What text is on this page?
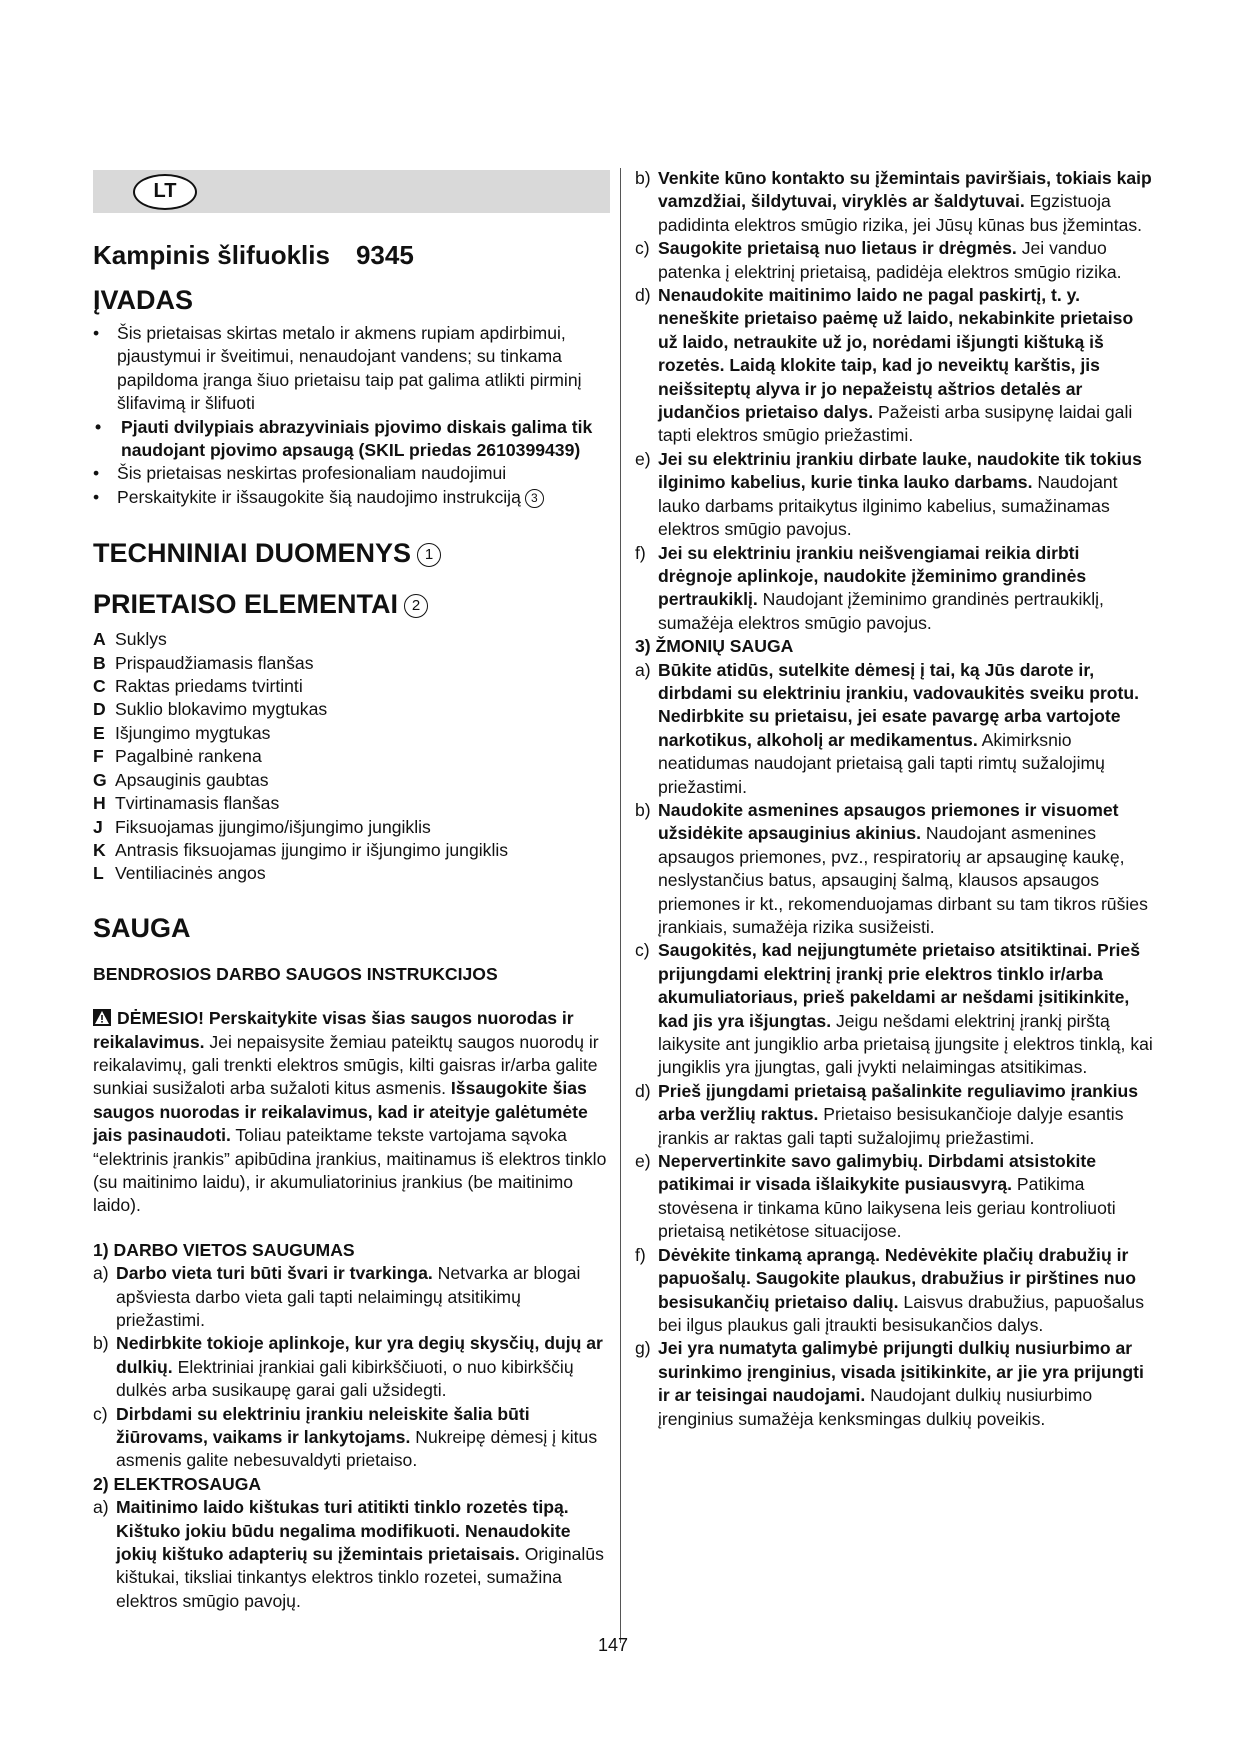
LT
Kampinis šlifuoklis 9345
ĮVADAS
•	Šis prietaisas skirtas metalo ir akmens rupiam apdirbimui, pjaustymui ir šveitimui, nenaudojant vandens; su tinkama papildoma įranga šiuo prietaisu taip pat galima atlikti pirminį šlifavimą ir šlifuoti
•	Pjauti dvilypiais abrazyviniais pjovimo diskais galima tik naudojant pjovimo apsaugą (SKIL priedas 2610399439)
•	Šis prietaisas neskirtas profesionaliam naudojimui
•	Perskaitykite ir išsaugokite šią naudojimo instrukciją 3
TECHNINIAI DUOMENYS 1
PRIETAISO ELEMENTAI 2
A Suklys
B Prispaudžiamasis flanšas
C Raktas priedams tvirtinti
D Suklio blokavimo mygtukas
E Išjungimo mygtukas
F Pagalbinė rankena
G Apsauginis gaubtas
H Tvirtinamasis flanšas
J Fiksuojamas įjungimo/išjungimo jungiklis
K Antrasis fiksuojamas įjungimo ir išjungimo jungiklis
L Ventiliacinės angos
SAUGA
BENDROSIOS DARBO SAUGOS INSTRUKCIJOS
DĖMESIO! Perskaitykite visas šias saugos nuorodas ir reikalavimus. Jei nepaisysite žemiau pateiktų saugos nuorodų ir reikalavimų, gali trenkti elektros smūgis, kilti gaisras ir/arba galite sunkiai susižaloti arba sužaloti kitus asmenis. Išsaugokite šias saugos nuorodas ir reikalavimus, kad ir ateityje galėtumėte jais pasinaudoti. Toliau pateiktame tekste vartojama sąvoka “elektrinis įrankis” apibūdina įrankius, maitinamus iš elektros tinklo (su maitinimo laidu), ir akumuliatorinius įrankius (be maitinimo laido).
1) DARBO VIETOS SAUGUMAS
a) Darbo vieta turi būti švari ir tvarkinga. Netvarka ar blogai apšviesta darbo vieta gali tapti nelaimingų atsitikimų priežastimi.
b) Nedirbkite tokioje aplinkoje, kur yra degių skysčių, dujų ar dulkių. Elektriniai įrankiai gali kibirkščiuoti, o nuo kibirkščių dulkės arba susikaupę garai gali užsidegti.
c) Dirbdami su elektriniu įrankiu neleiskite šalia būti žiūrovams, vaikams ir lankytojams. Nukreipę dėmesį į kitus asmenis galite nebesuvaldyti prietaiso.
2) ELEKTROSAUGA
a) Maitinimo laido kištukas turi atitikti tinklo rozetės tipą. Kištuko jokiu būdu negalima modifikuoti. Nenaudokite jokių kištuko adapterių su įžemintais prietaisais. Originalūs kištukai, tiksliai tinkantys elektros tinklo rozetei, sumažina elektros smūgio pavojų.
b) Venkite kūno kontakto su įžemintais paviršiais, tokiais kaip vamzdžiai, šildytuvai, viryklės ar šaldytuvai. Egzistuoja padidinta elektros smūgio rizika, jei Jūsų kūnas bus įžemintas.
c) Saugokite prietaisą nuo lietaus ir drėgmės. Jei vanduo patenka į elektrinį prietaisą, padidėja elektros smūgio rizika.
d) Nenaudokite maitinimo laido ne pagal paskirtį, t. y. neneškite prietaiso paėmę už laido, nekabinkite prietaiso už laido, netraukite už jo, norėdami išjungti kištuką iš rozetės. Laidą klokite taip, kad jo neveiktų karštis, jis neišsiteptų alyva ir jo nepažeistų aštrios detalės ar judančios prietaiso dalys. Pažeisti arba susipynę laidai gali tapti elektros smūgio priežastimi.
e) Jei su elektriniu įrankiu dirbate lauke, naudokite tik tokius ilginimo kabelius, kurie tinka lauko darbams. Naudojant lauko darbams pritaikytus ilginimo kabelius, sumažinamas elektros smūgio pavojus.
f) Jei su elektriniu įrankiu neišvengiamai reikia dirbti drėgnoje aplinkoje, naudokite įžeminimo grandinės pertraukiklį. Naudojant įžeminimo grandinės pertraukiklį, sumažėja elektros smūgio pavojus.
3) ŽMONIŲ SAUGA
a) Būkite atidūs, sutelkite dėmesį į tai, ką Jūs darote ir, dirbdami su elektriniu įrankiu, vadovaukitės sveiku protu. Nedirbkite su prietaisu, jei esate pavargę arba vartojote narkotikus, alkoholį ar medikamentus. Akimirksnio neatidumas naudojant prietaisą gali tapti rimtų sužalojimų priežastimi.
b) Naudokite asmenines apsaugos priemones ir visuomet užsidėkite apsauginius akinius. Naudojant asmenines apsaugos priemones, pvz., respiratorių ar apsauginę kaukę, neslystančius batus, apsauginį šalmą, klausos apsaugos priemones ir kt., rekomenduojamas dirbant su tam tikros rūšies įrankiais, sumažėja rizika susižeisti.
c) Saugokitės, kad neįjungtumėte prietaiso atsitiktinai. Prieš prijungdami elektrinį įrankį prie elektros tinklo ir/arba akumuliatoriaus, prieš pakeldami ar nešdami įsitikinkite, kad jis yra išjungtas. Jeigu nešdami elektrinį įrankį pirštą laikysite ant jungiklio arba prietaisą įjungsite į elektros tinklą, kai jungiklis yra įjungtas, gali įvykti nelaimingas atsitikimas.
d) Prieš įjungdami prietaisą pašalinkite reguliavimo įrankius arba veržlių raktus. Prietaiso besisukančioje dalyje esantis įrankis ar raktas gali tapti sužalojimų priežastimi.
e) Nepervertinkite savo galimybių. Dirbdami atsistokite patikimai ir visada išlaikykite pusiausvyrą. Patikima stovėsena ir tinkama kūno laikysena leis geriau kontroliuoti prietaisą netikėtose situacijose.
f) Dėvėkite tinkamą aprangą. Nedėvėkite plačių drabužių ir papuošalų. Saugokite plaukus, drabužius ir pirštines nuo besisukančių prietaiso dalių. Laisvus drabužius, papuošalus bei ilgus plaukus gali įtraukti besisukančios dalys.
g) Jei yra numatyta galimybė prijungti dulkių nusiurbimo ar surinkimo įrenginius, visada įsitikinkite, ar jie yra prijungti ir ar teisingai naudojami. Naudojant dulkių nusiurbimo įrenginius sumažėja kenksmingas dulkių poveikis.
147
